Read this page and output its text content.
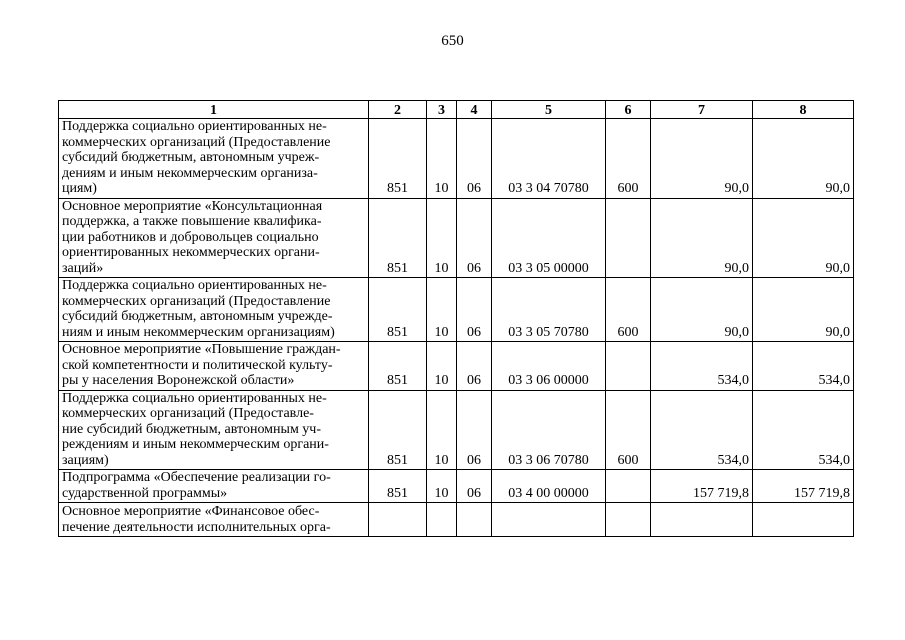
650
1	2	3	4	5	6	7	8

Поддержка социально ориентированных не-
коммерческих организаций (Предоставление
субсидий бюджетным, автономным учреж-
дениям и иным некоммерческим организа-
циям)	851	10	06	03 3 04 70780	600	90,0	90,0

Основное мероприятие «Консультационная
поддержка, а также повышение квалифика-
ции работников и добровольцев социально
ориентированных некоммерческих органи-
заций»	851	10	06	03 3 05 00000		90,0	90,0

Поддержка социально ориентированных не-
коммерческих организаций (Предоставление
субсидий бюджетным, автономным учрежде-
ниям и иным некоммерческим организациям)	851	10	06	03 3 05 70780	600	90,0	90,0

Основное мероприятие «Повышение граждан-
ской компетентности и политической культу-
ры у населения Воронежской области»	851	10	06	03 3 06 00000		534,0	534,0

Поддержка социально ориентированных не-
коммерческих организаций (Предоставле-
ние субсидий бюджетным, автономным уч-
реждениям и иным некоммерческим органи-
зациям)	851	10	06	03 3 06 70780	600	534,0	534,0

Подпрограмма «Обеспечение реализации го-
сударственной программы»	851	10	06	03 4 00 00000		157 719,8	157 719,8

Основное мероприятие «Финансовое обес-
печение деятельности исполнительных орга-							
